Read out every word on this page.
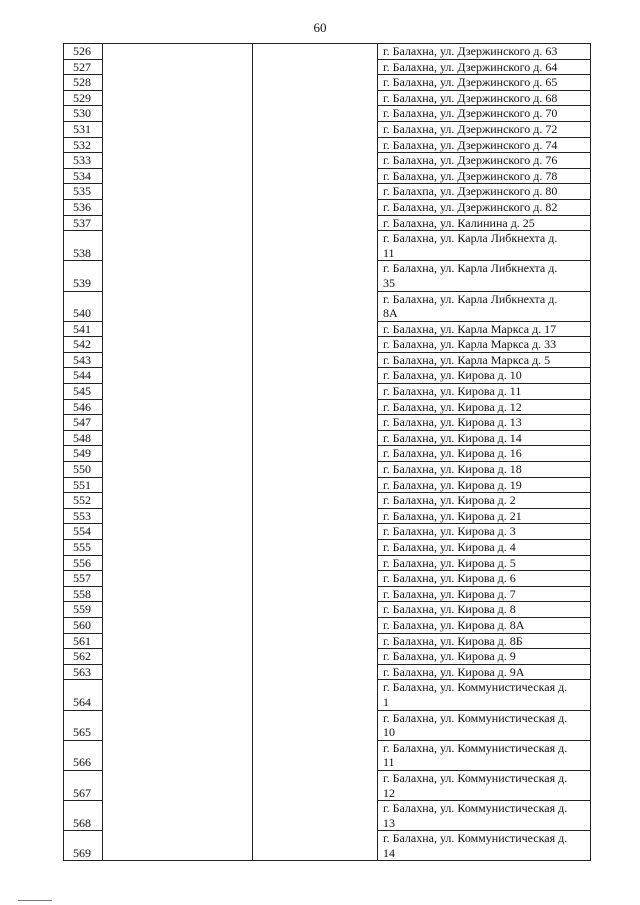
60
526			г. Балахна, ул. Дзержинского д. 63
527			г. Балахна, ул. Дзержинского д. 64
528			г. Балахна, ул. Дзержинского д. 65
529			г. Балахна, ул. Дзержинского д. 68
530			г. Балахна, ул. Дзержинского д. 70
531			г. Балахна, ул. Дзержинского д. 72
532			г. Балахна, ул. Дзержинского д. 74
533			г. Балахна, ул. Дзержинского д. 76
534			г. Балахна, ул. Дзержинского д. 78
535			г. Балахпа, ул. Дзержинского д. 80
536			г. Балахна, ул. Дзержинского д. 82
537			г. Балахна, ул. Калинина д. 25
538			г. Балахна, ул. Карла Либкнехта д.
11
539			г. Балахна, ул. Карла Либкнехта д.
35
540			г. Балахна, ул. Карла Либкнехта д.
8А
541			г. Балахна, ул. Карла Маркса д. 17
542			г. Балахна, ул. Карла Маркса д. 33
543			г. Балахна, ул. Карла Маркса д. 5
544			г. Балахна, ул. Кирова д. 10
545			г. Балахна, ул. Кирова д. 11
546			г. Балахна, ул. Кирова д. 12
547			г. Балахна, ул. Кирова д. 13
548			г. Балахна, ул. Кирова д. 14
549			г. Балахна, ул. Кирова д. 16
550			г. Балахна, ул. Кирова д. 18
551			г. Балахна, ул. Кирова д. 19
552			г. Балахна, ул. Кирова д. 2
553			г. Балахна, ул. Кирова д. 21
554			г. Балахна, ул. Кирова д. 3
555			г. Балахна, ул. Кирова д. 4
556			г. Балахна, ул. Кирова д. 5
557			г. Балахна, ул. Кирова д. 6
558			г. Балахна, ул. Кирова д. 7
559			г. Балахна, ул. Кирова д. 8
560			г. Балахна, ул. Кирова д. 8А
561			г. Балахна, ул. Кирова д. 8Б
562			г. Балахна, ул. Кирова д. 9
563			г. Балахна, ул. Кирова д. 9А
564			г. Балахна, ул. Коммунистическая д.
1
565			г. Балахна, ул. Коммунистическая д.
10
566			г. Балахна, ул. Коммунистическая д.
11
567			г. Балахна, ул. Коммунистическая д.
12
568			г. Балахна, ул. Коммунистическая д.
13
569			г. Балахна, ул. Коммунистическая д.
14
